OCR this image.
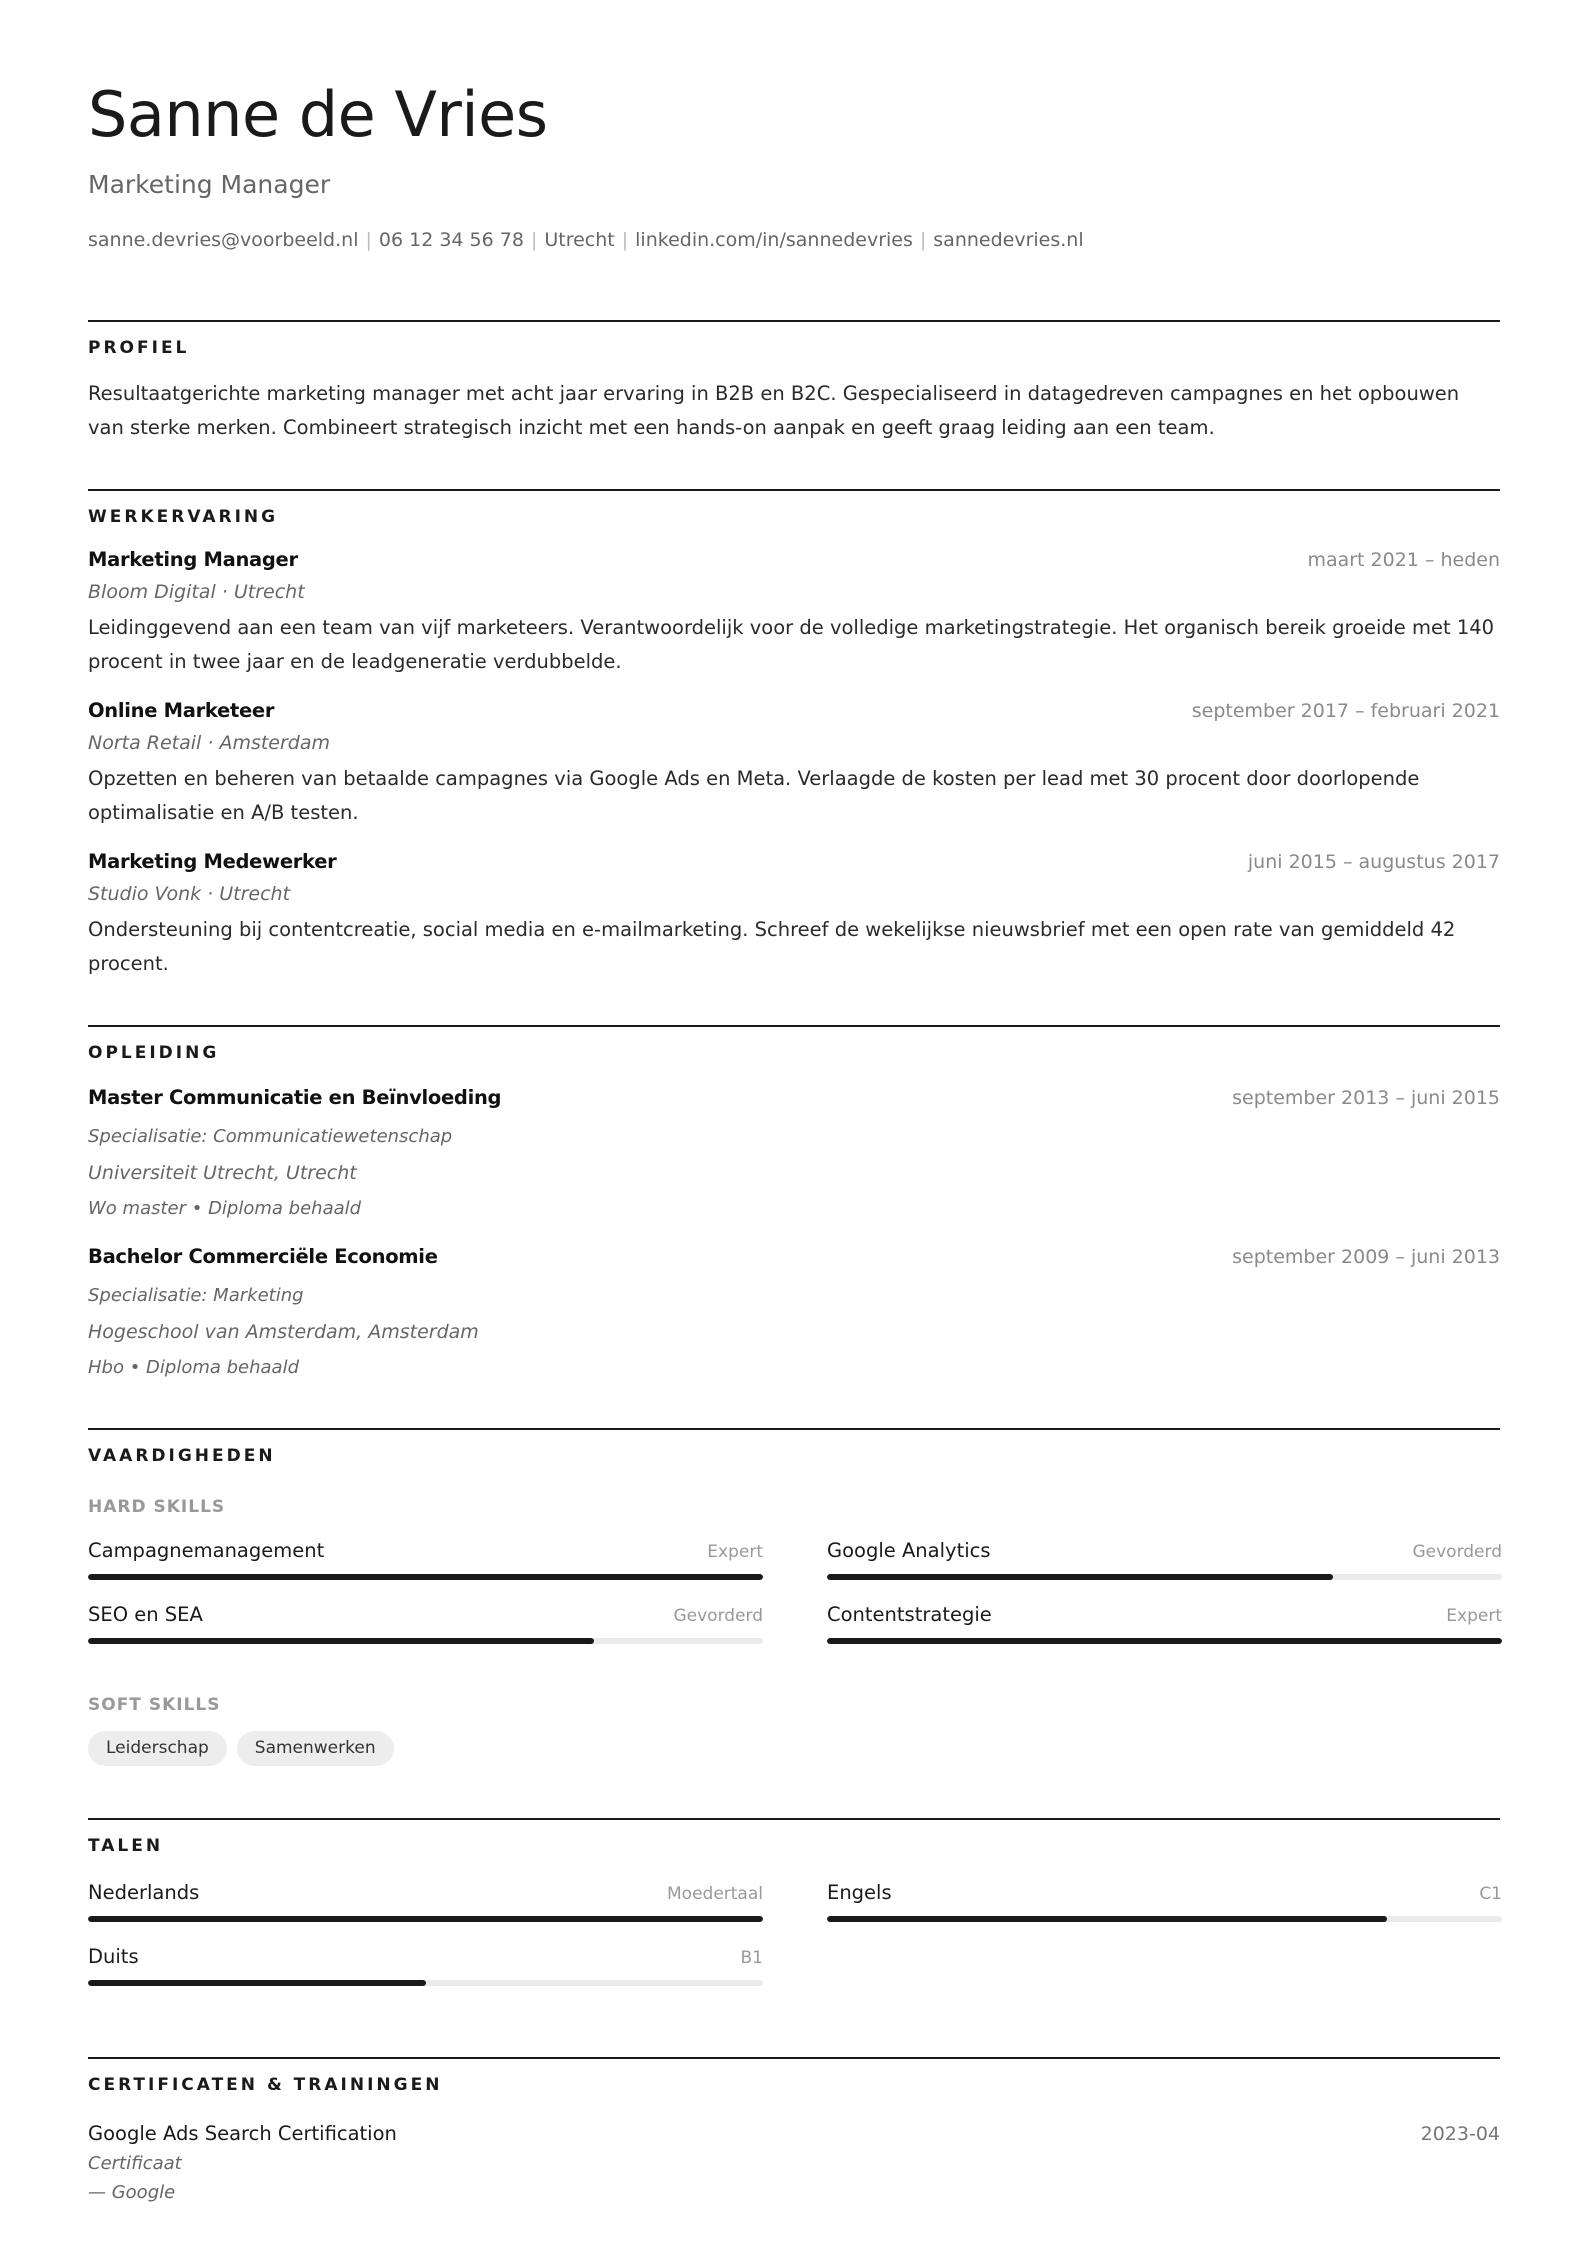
Sanne de Vries
Marketing Manager
sanne.devries@voorbeeld.nl | 06 12 34 56 78 | Utrecht | linkedin.com/in/sannedevries | sannedevries.nl
PROFIEL
Resultaatgerichte marketing manager met acht jaar ervaring in B2B en B2C. Gespecialiseerd in datagedreven campagnes en het opbouwen van sterke merken. Combineert strategisch inzicht met een hands-on aanpak en geeft graag leiding aan een team.
WERKERVARING
Marketing Manager	maart 2021 – heden
Bloom Digital · Utrecht
Leidinggevend aan een team van vijf marketeers. Verantwoordelijk voor de volledige marketingstrategie. Het organisch bereik groeide met 140 procent in twee jaar en de leadgeneratie verdubbelde.
Online Marketeer	september 2017 – februari 2021
Norta Retail · Amsterdam
Opzetten en beheren van betaalde campagnes via Google Ads en Meta. Verlaagde de kosten per lead met 30 procent door doorlopende optimalisatie en A/B testen.
Marketing Medewerker	juni 2015 – augustus 2017
Studio Vonk · Utrecht
Ondersteuning bij contentcreatie, social media en e-mailmarketing. Schreef de wekelijkse nieuwsbrief met een open rate van gemiddeld 42 procent.
OPLEIDING
Master Communicatie en Beïnvloeding	september 2013 – juni 2015
Specialisatie: Communicatiewetenschap
Universiteit Utrecht, Utrecht
Wo master • Diploma behaald
Bachelor Commerciële Economie	september 2009 – juni 2013
Specialisatie: Marketing
Hogeschool van Amsterdam, Amsterdam
Hbo • Diploma behaald
VAARDIGHEDEN
HARD SKILLS
Campagnemanagement	Expert	Google Analytics	Gevorderd
SEO en SEA	Gevorderd	Contentstrategie	Expert
SOFT SKILLS
Leiderschap	Samenwerken
TALEN
Nederlands	Moedertaal	Engels	C1
Duits	B1
CERTIFICATEN & TRAININGEN
Google Ads Search Certification	2023-04
Certificaat
— Google
